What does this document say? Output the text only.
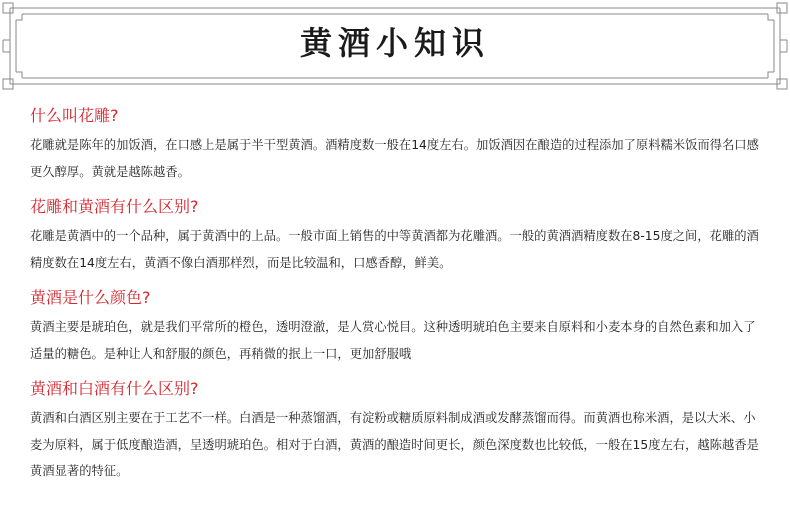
黄酒小知识
什么叫花雕?

花雕就是陈年的加饭酒，在口感上是属于半干型黄酒。酒精度数一般在14度左右。加饭酒因在酿造的过程添加了原料糯米饭而得名口感更久醇厚。黄就是越陈越香。

花雕和黄酒有什么区别?

花雕是黄酒中的一个品种，属于黄酒中的上品。一般市面上销售的中等黄酒都为花雕酒。一般的黄酒酒精度数在8-15度之间，花雕的酒精度数在14度左右，黄酒不像白酒那样烈，而是比较温和，口感香醇，鲜美。

黄酒是什么颜色?

黄酒主要是琥珀色，就是我们平常所的橙色，透明澄澈，是人赏心悦目。这种透明琥珀色主要来自原料和小麦本身的自然色素和加入了适量的糖色。是种让人和舒服的颜色，再稍微的抿上一口，更加舒服哦

黄酒和白酒有什么区别?

黄酒和白酒区别主要在于工艺不一样。白酒是一种蒸馏酒，有淀粉或糖质原料制成酒或发酵蒸馏而得。而黄酒也称米酒，是以大米、小麦为原料，属于低度酿造酒，呈透明琥珀色。相对于白酒，黄酒的酿造时间更长，颜色深度数也比较低，一般在15度左右，越陈越香是黄酒显著的特征。
